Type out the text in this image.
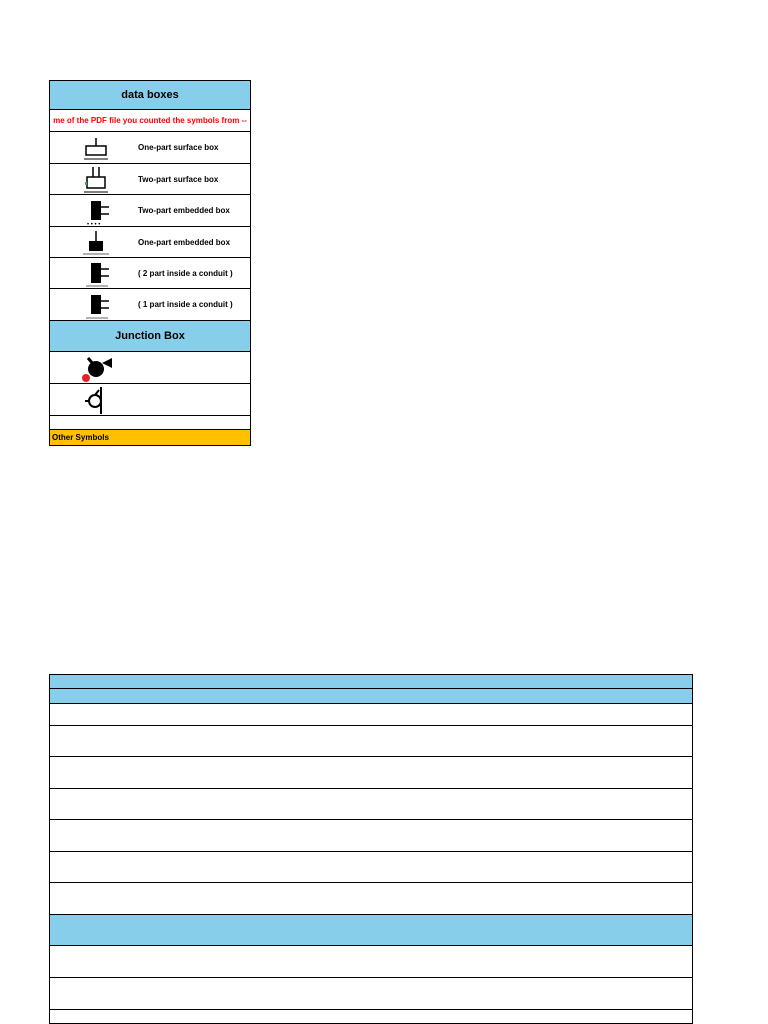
data boxes
me of the PDF file you counted the symbols from --
One-part surface box
Two-part surface box
• • • •
Two-part embedded box
One-part embedded box
( 2 part inside a conduit )
( 1 part inside a conduit )
Junction Box
Other Symbols
